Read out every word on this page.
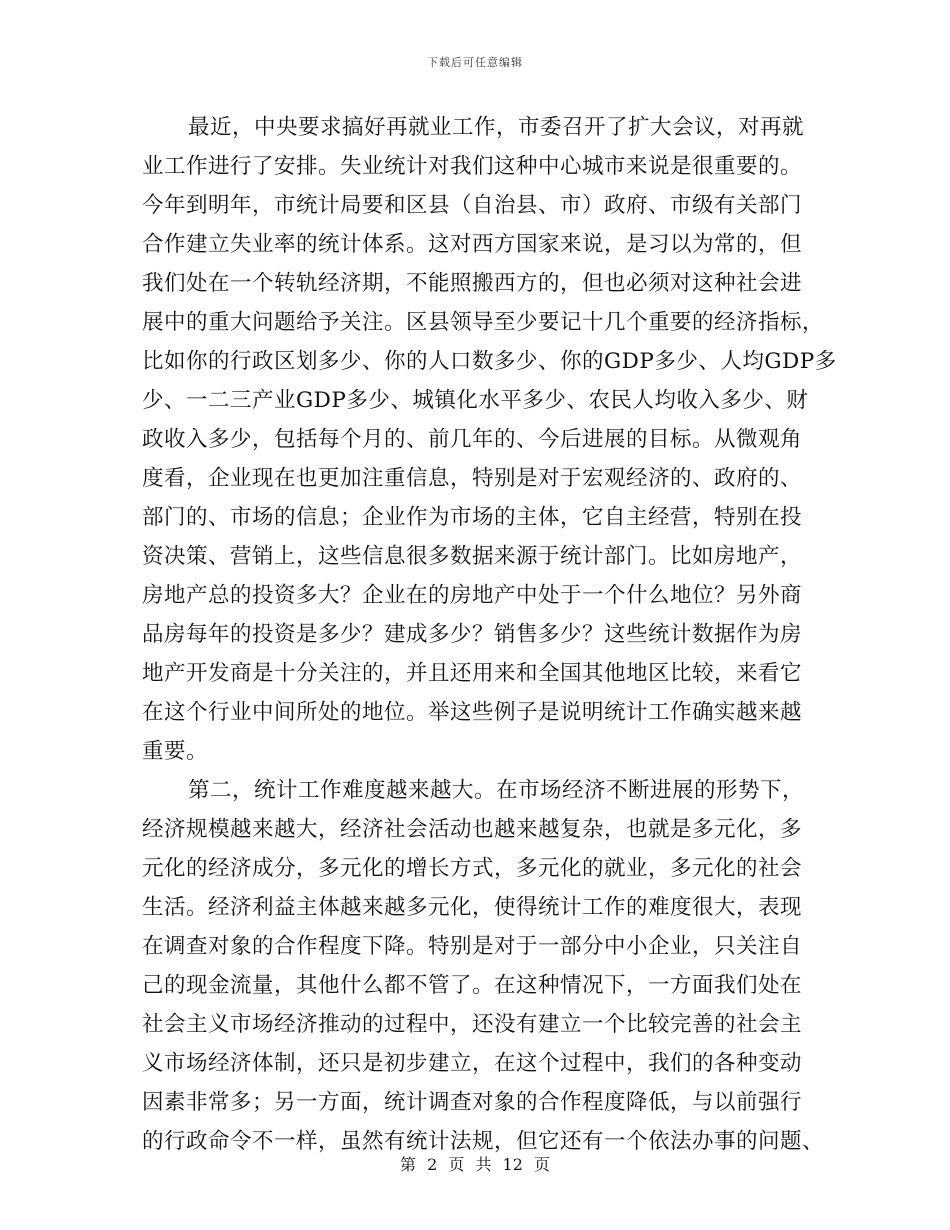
下载后可任意编辑
最近，中央要求搞好再就业工作，市委召开了扩大会议，对再就
业工作进行了安排。失业统计对我们这种中心城市来说是很重要的。
今年到明年，市统计局要和区县（自治县、市）政府、市级有关部门
合作建立失业率的统计体系。这对西方国家来说，是习以为常的，但
我们处在一个转轨经济期，不能照搬西方的，但也必须对这种社会进
展中的重大问题给予关注。区县领导至少要记十几个重要的经济指标，
比如你的行政区划多少、你的人口数多少、你的GDP多少、人均GDP多
少、一二三产业GDP多少、城镇化水平多少、农民人均收入多少、财
政收入多少，包括每个月的、前几年的、今后进展的目标。从微观角
度看，企业现在也更加注重信息，特别是对于宏观经济的、政府的、
部门的、市场的信息；企业作为市场的主体，它自主经营，特别在投
资决策、营销上，这些信息很多数据来源于统计部门。比如房地产，
房地产总的投资多大？企业在的房地产中处于一个什么地位？另外商
品房每年的投资是多少？建成多少？销售多少？这些统计数据作为房
地产开发商是十分关注的，并且还用来和全国其他地区比较，来看它
在这个行业中间所处的地位。举这些例子是说明统计工作确实越来越
重要。
第二，统计工作难度越来越大。在市场经济不断进展的形势下，
经济规模越来越大，经济社会活动也越来越复杂，也就是多元化，多
元化的经济成分，多元化的增长方式，多元化的就业，多元化的社会
生活。经济利益主体越来越多元化，使得统计工作的难度很大，表现
在调查对象的合作程度下降。特别是对于一部分中小企业，只关注自
己的现金流量，其他什么都不管了。在这种情况下，一方面我们处在
社会主义市场经济推动的过程中，还没有建立一个比较完善的社会主
义市场经济体制，还只是初步建立，在这个过程中，我们的各种变动
因素非常多；另一方面，统计调查对象的合作程度降低，与以前强行
的行政命令不一样，虽然有统计法规，但它还有一个依法办事的问题、
第 2 页 共 12 页
